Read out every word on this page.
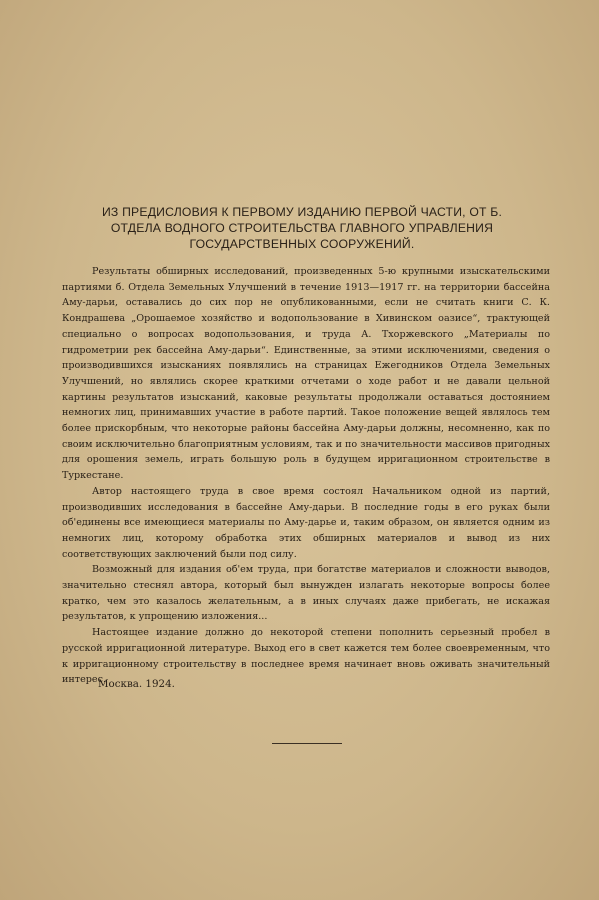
ИЗ ПРЕДИСЛОВИЯ К ПЕРВОМУ ИЗДАНИЮ ПЕРВОЙ ЧАСТИ, ОТ Б. ОТДЕЛА ВОДНОГО СТРОИТЕЛЬСТВА ГЛАВНОГО УПРАВЛЕНИЯ ГОСУДАРСТВЕННЫХ СООРУЖЕНИЙ.

Результаты обширных исследований, произведенных 5-ю крупными изыскательскими партиями б. Отдела Земельных Улучшений в течение 1913—1917 гг. на территории бассейна Аму-дарьи, оставались до сих пор не опубликованными, если не считать книги С. К. Кондрашева „Орошаемое хозяйство и водопользование в Хивинском оазисе“, трактующей специально о вопросах водопользования, и труда А. Тхоржевского „Материалы по гидрометрии рек бассейна Аму-дарьи“. Единственные, за этими исключениями, сведения о производившихся изысканиях появлялись на страницах Ежегодников Отдела Земельных Улучшений, но являлись скорее краткими отчетами о ходе работ и не давали цельной картины результатов изысканий, каковые результаты продолжали оставаться достоянием немногих лиц, принимавших участие в работе партий. Такое положение вещей являлось тем более прискорбным, что некоторые районы бассейна Аму-дарьи должны, несомненно, как по своим исключительно благоприятным условиям, так и по значительности массивов пригодных для орошения земель, играть большую роль в будущем ирригационном строительстве в Туркестане.

Автор настоящего труда в свое время состоял Начальником одной из партий, производивших исследования в бассейне Аму-дарьи. В последние годы в его руках были об'единены все имеющиеся материалы по Аму-дарье и, таким образом, он является одним из немногих лиц, которому обработка этих обширных материалов и вывод из них соответствующих заключений были под силу.

Возможный для издания об'ем труда, при богатстве материалов и сложности выводов, значительно стеснял автора, который был вынужден излагать некоторые вопросы более кратко, чем это казалось желательным, а в иных случаях даже прибегать, не искажая результатов, к упрощению изложения...

Настоящее издание должно до некоторой степени пополнить серьезный пробел в русской ирригационной литературе. Выход его в свет кажется тем более своевременным, что к ирригационному строительству в последнее время начинает вновь оживать значительный интерес.

Москва. 1924.
